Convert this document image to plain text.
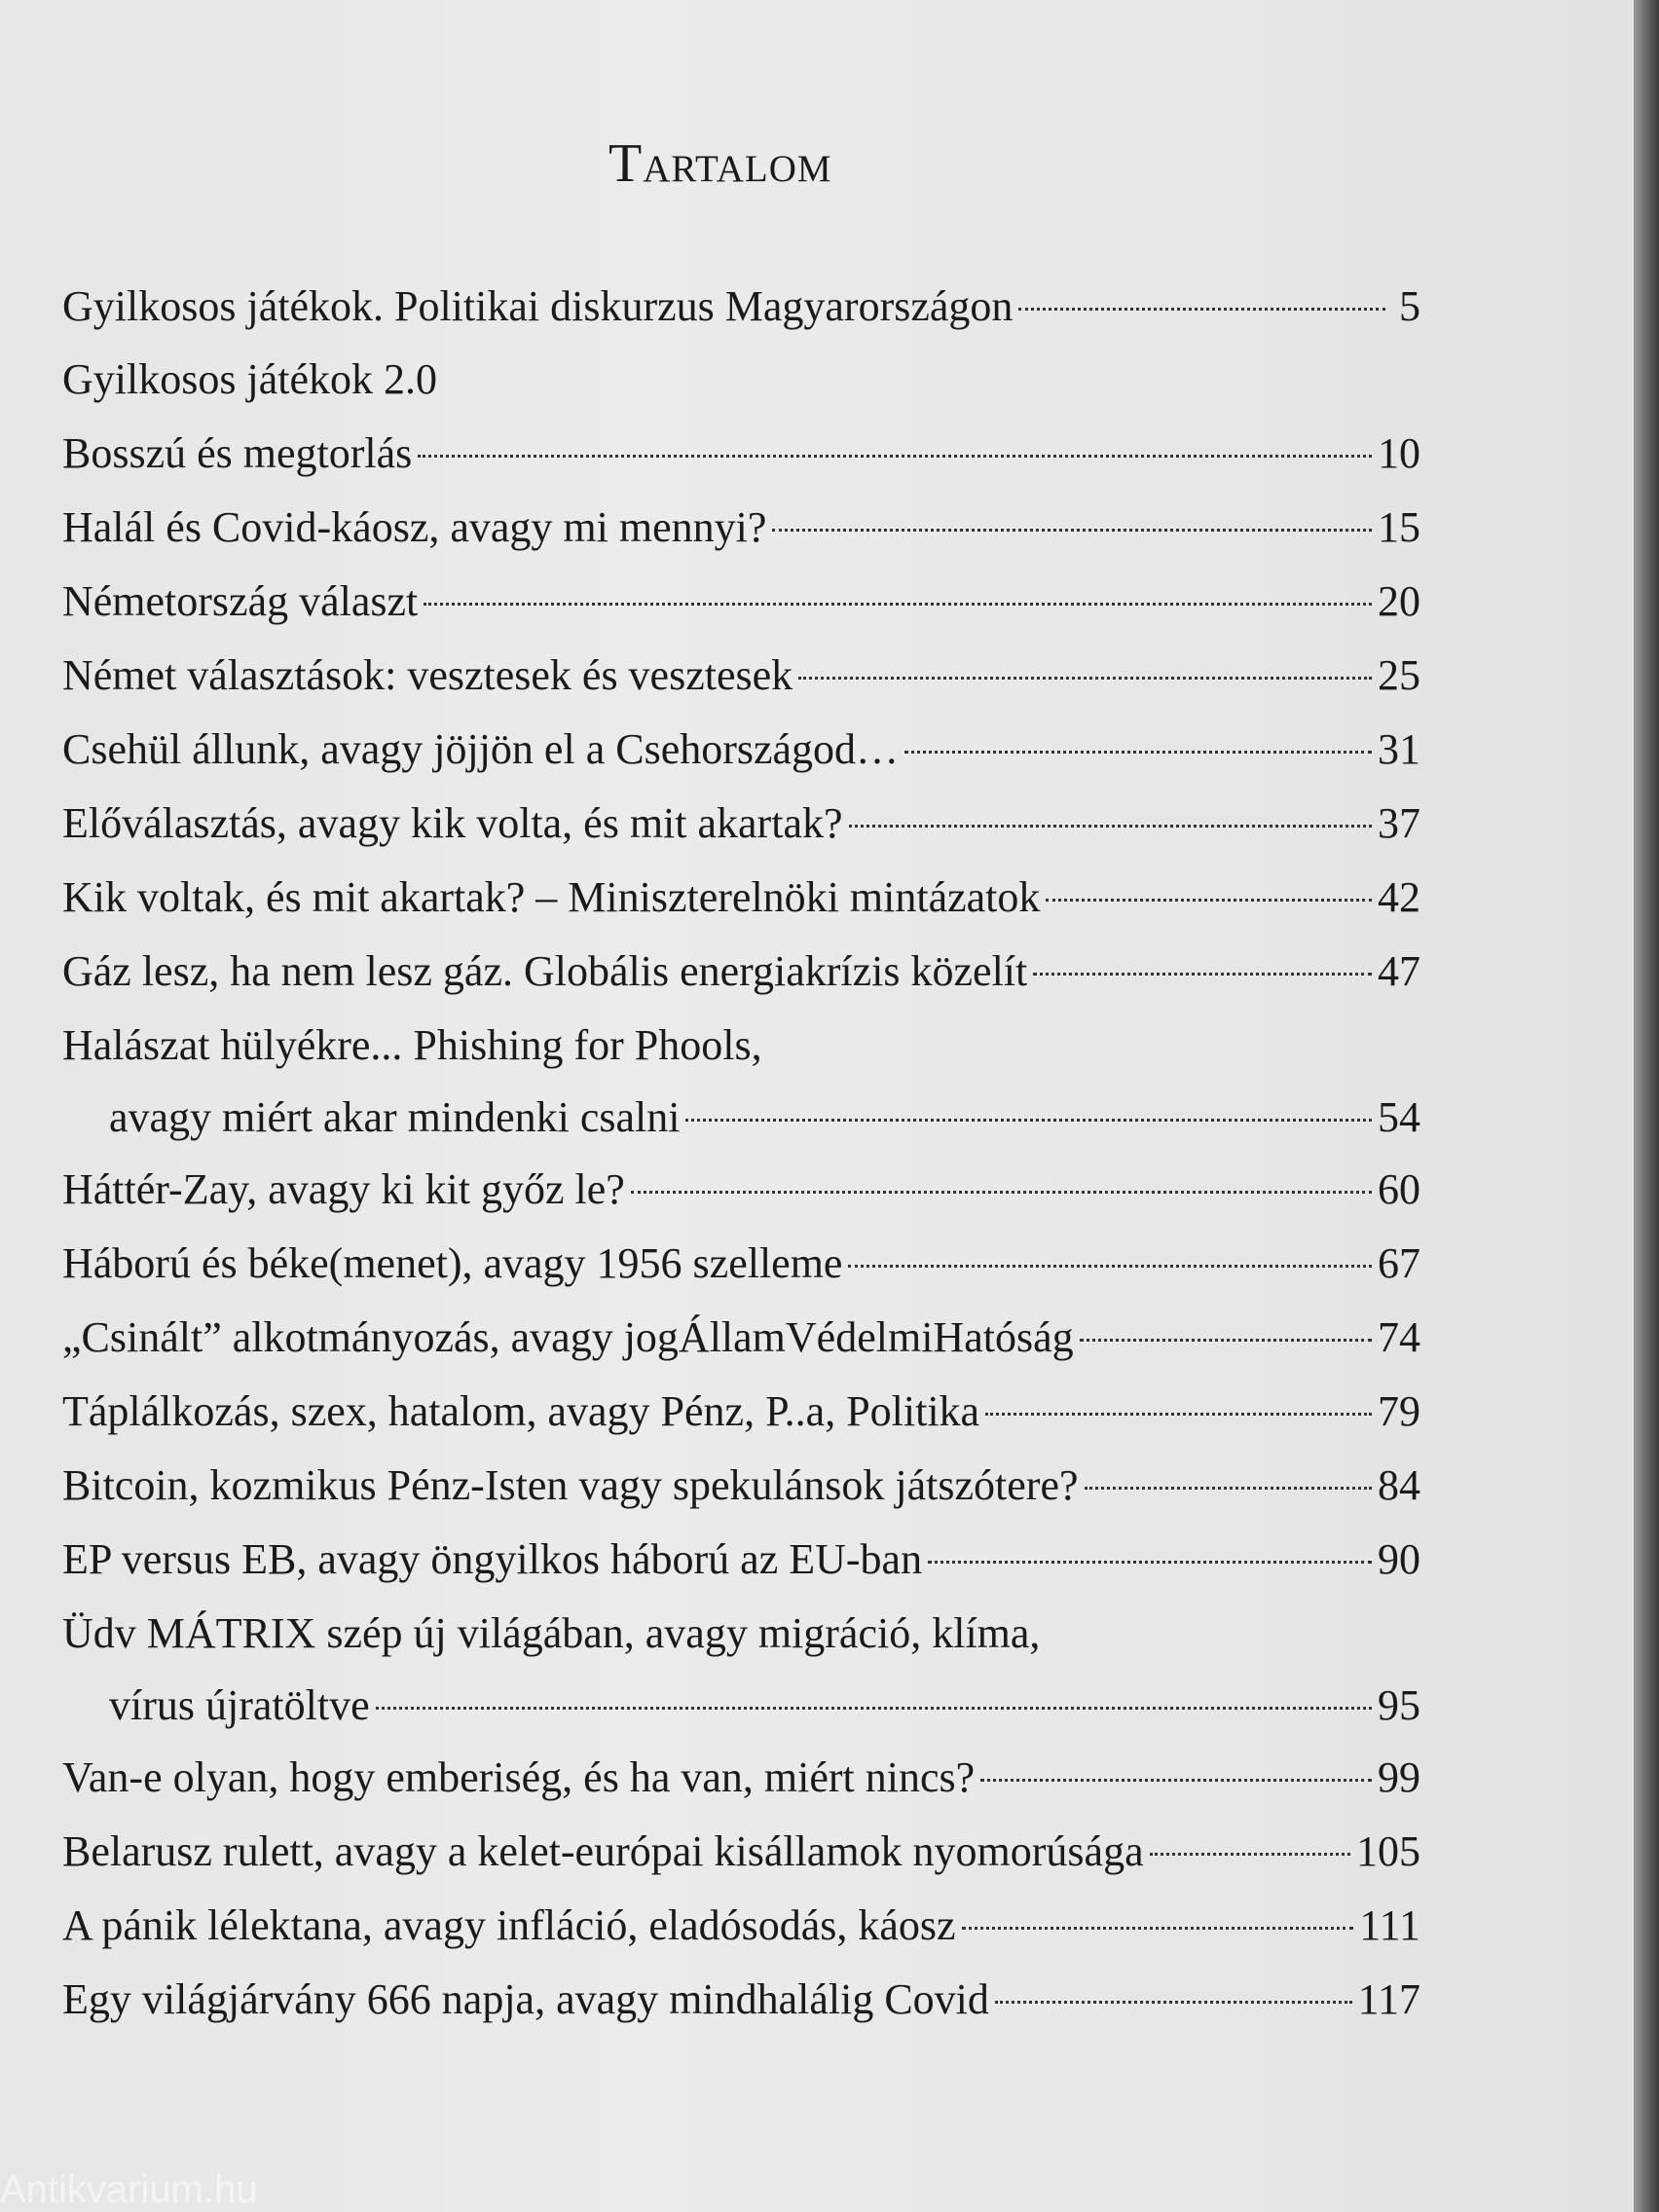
Tartalom
Gyilkosos játékok. Politikai diskurzus Magyarországon	5
Gyilkosos játékok 2.0
Bosszú és megtorlás	10
Halál és Covid-káosz, avagy mi mennyi?	15
Németország választ	20
Német választások: vesztesek és vesztesek	25
Csehül állunk, avagy jöjjön el a Csehországod…	31
Előválasztás, avagy kik volta, és mit akartak?	37
Kik voltak, és mit akartak? – Miniszterelnöki mintázatok	42
Gáz lesz, ha nem lesz gáz. Globális energiakrízis közelít	47
Halászat hülyékre... Phishing for Phools,
avagy miért akar mindenki csalni	54
Háttér-Zay, avagy ki kit győz le?	60
Háború és béke(menet), avagy 1956 szelleme	67
„Csinált” alkotmányozás, avagy jogÁllamVédelmiHatóság	74
Táplálkozás, szex, hatalom, avagy Pénz, P..a, Politika	79
Bitcoin, kozmikus Pénz-Isten vagy spekulánsok játszótere?	84
EP versus EB, avagy öngyilkos háború az EU-ban	90
Üdv MÁTRIX szép új világában, avagy migráció, klíma,
vírus újratöltve	95
Van-e olyan, hogy emberiség, és ha van, miért nincs?	99
Belarusz rulett, avagy a kelet-európai kisállamok nyomorúsága	105
A pánik lélektana, avagy infláció, eladósodás, káosz	111
Egy világjárvány 666 napja, avagy mindhalálig Covid	117
Antikvarium.hu
